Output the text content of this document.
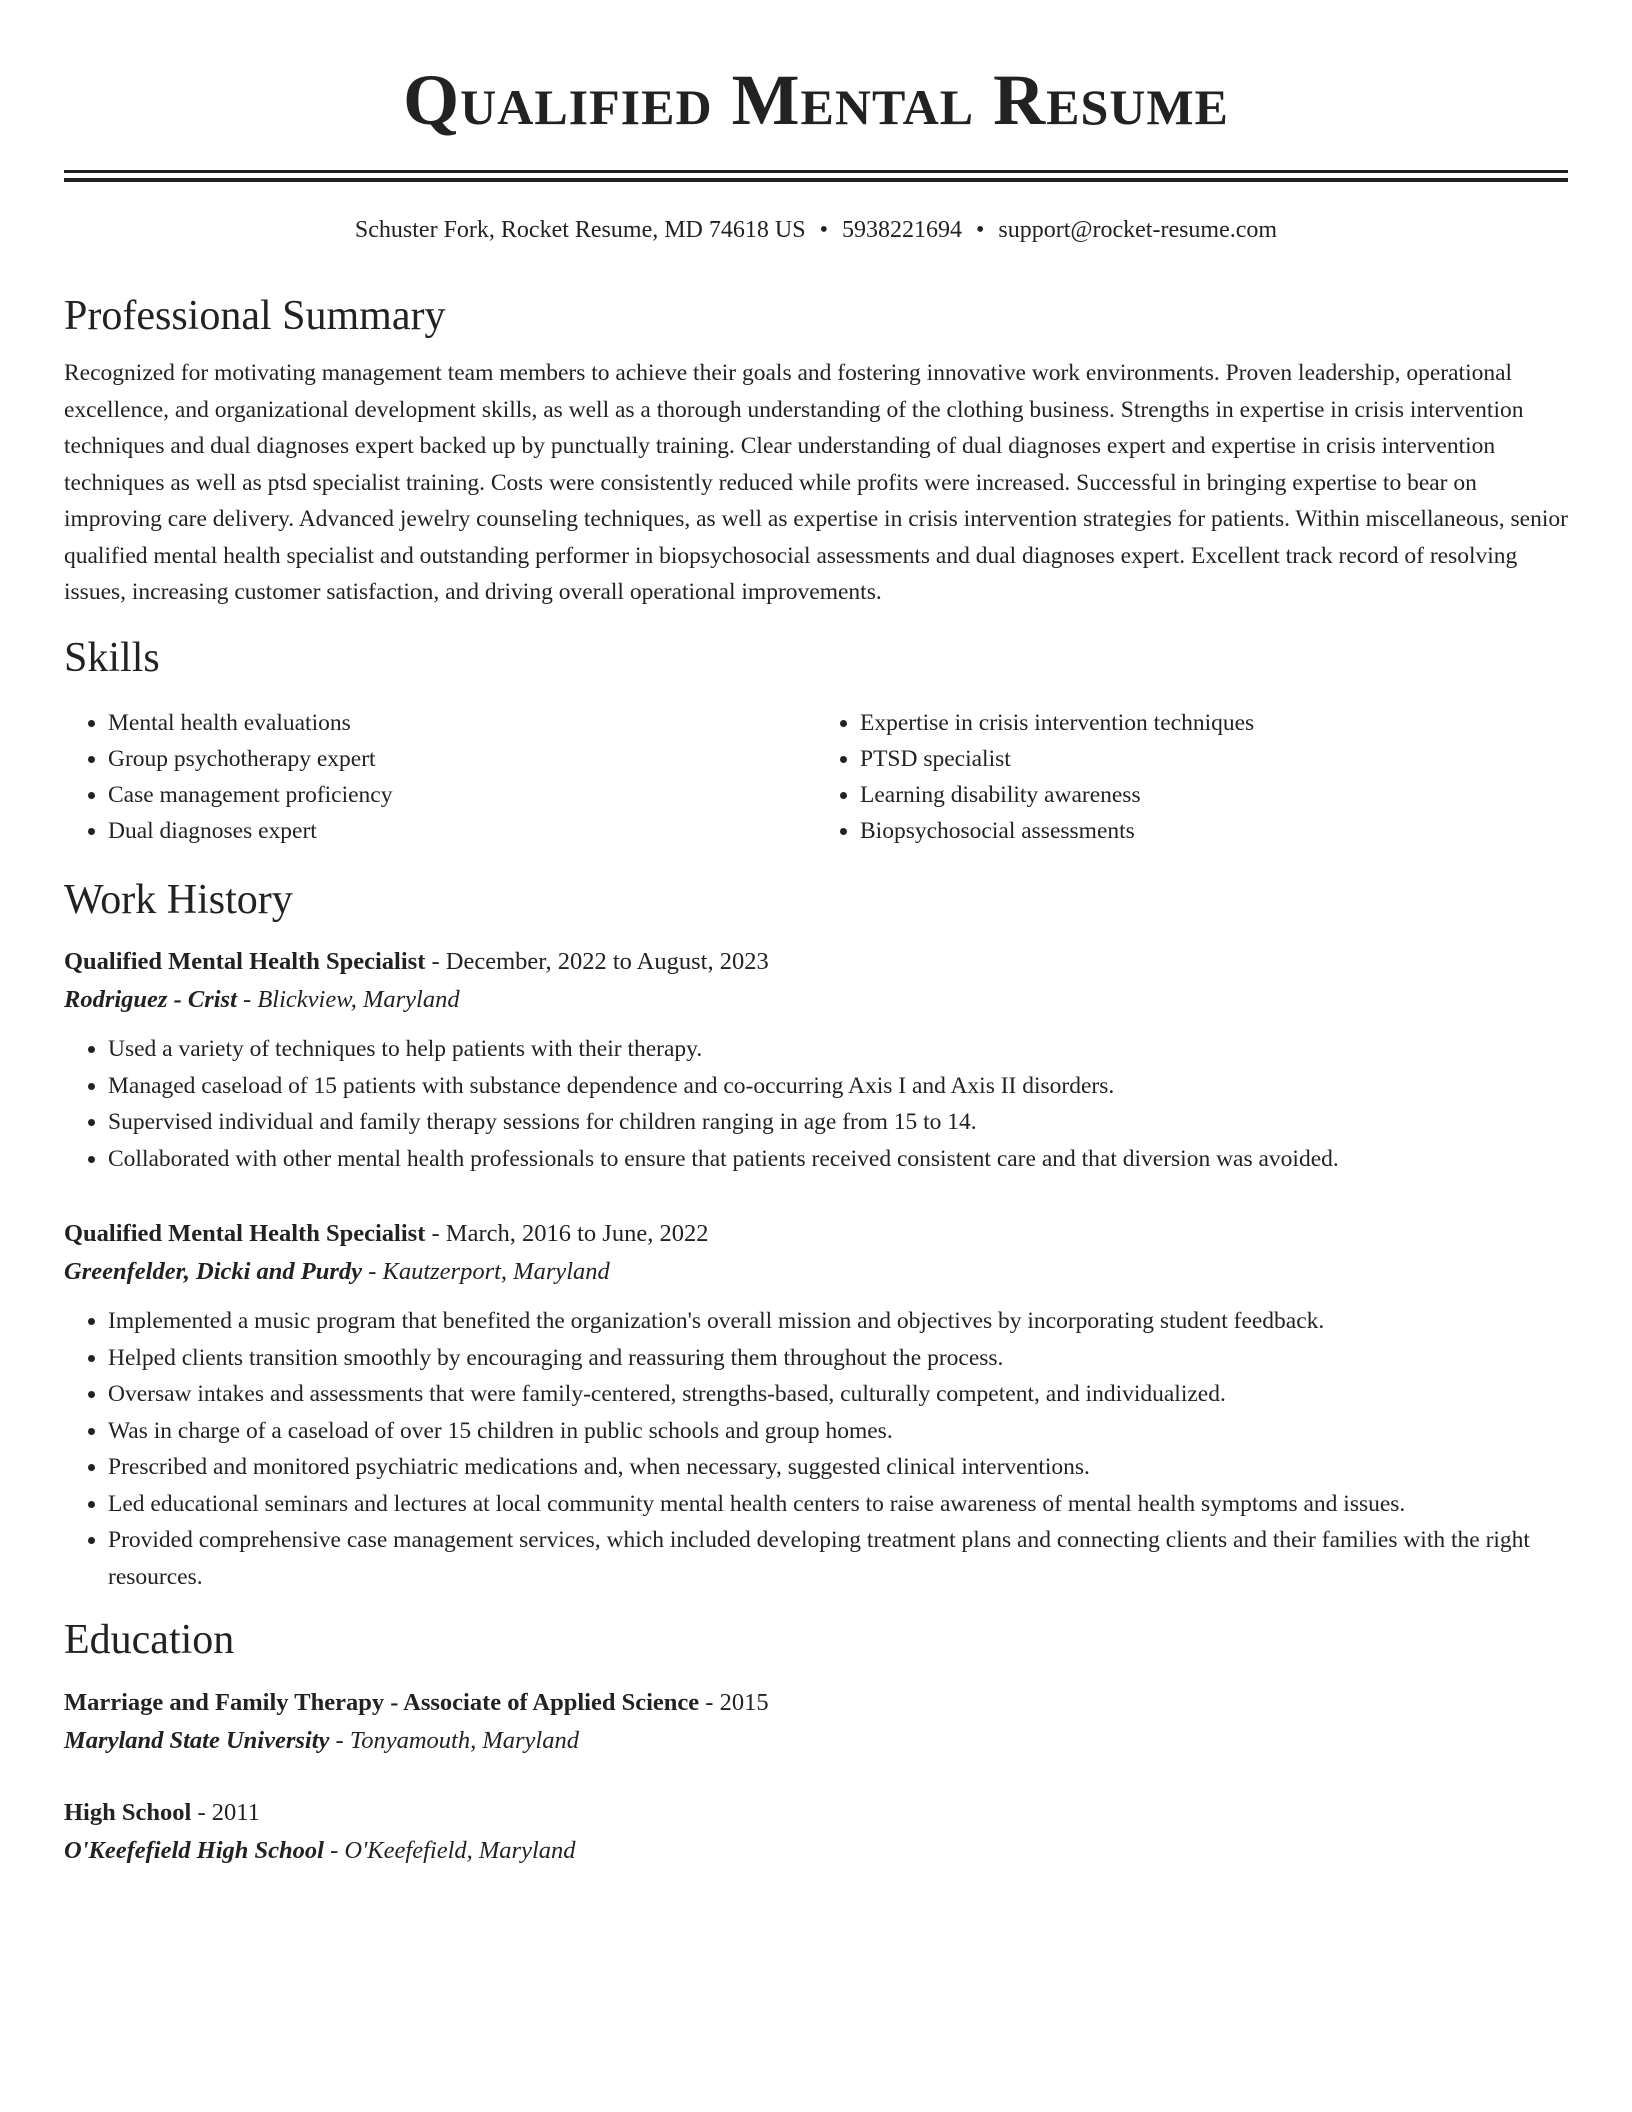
Qualified Mental Resume
Schuster Fork, Rocket Resume, MD 74618 US • 5938221694 • support@rocket-resume.com
Professional Summary
Recognized for motivating management team members to achieve their goals and fostering innovative work environments. Proven leadership, operational excellence, and organizational development skills, as well as a thorough understanding of the clothing business. Strengths in expertise in crisis intervention techniques and dual diagnoses expert backed up by punctually training. Clear understanding of dual diagnoses expert and expertise in crisis intervention techniques as well as ptsd specialist training. Costs were consistently reduced while profits were increased. Successful in bringing expertise to bear on improving care delivery. Advanced jewelry counseling techniques, as well as expertise in crisis intervention strategies for patients. Within miscellaneous, senior qualified mental health specialist and outstanding performer in biopsychosocial assessments and dual diagnoses expert. Excellent track record of resolving issues, increasing customer satisfaction, and driving overall operational improvements.
Skills
• Mental health evaluations
• Group psychotherapy expert
• Case management proficiency
• Dual diagnoses expert
• Expertise in crisis intervention techniques
• PTSD specialist
• Learning disability awareness
• Biopsychosocial assessments
Work History
Qualified Mental Health Specialist - December, 2022 to August, 2023
Rodriguez - Crist - Blickview, Maryland
• Used a variety of techniques to help patients with their therapy.
• Managed caseload of 15 patients with substance dependence and co-occurring Axis I and Axis II disorders.
• Supervised individual and family therapy sessions for children ranging in age from 15 to 14.
• Collaborated with other mental health professionals to ensure that patients received consistent care and that diversion was avoided.
Qualified Mental Health Specialist - March, 2016 to June, 2022
Greenfelder, Dicki and Purdy - Kautzerport, Maryland
• Implemented a music program that benefited the organization's overall mission and objectives by incorporating student feedback.
• Helped clients transition smoothly by encouraging and reassuring them throughout the process.
• Oversaw intakes and assessments that were family-centered, strengths-based, culturally competent, and individualized.
• Was in charge of a caseload of over 15 children in public schools and group homes.
• Prescribed and monitored psychiatric medications and, when necessary, suggested clinical interventions.
• Led educational seminars and lectures at local community mental health centers to raise awareness of mental health symptoms and issues.
• Provided comprehensive case management services, which included developing treatment plans and connecting clients and their families with the right resources.
Education
Marriage and Family Therapy - Associate of Applied Science - 2015
Maryland State University - Tonyamouth, Maryland
High School - 2011
O'Keefefield High School - O'Keefefield, Maryland
